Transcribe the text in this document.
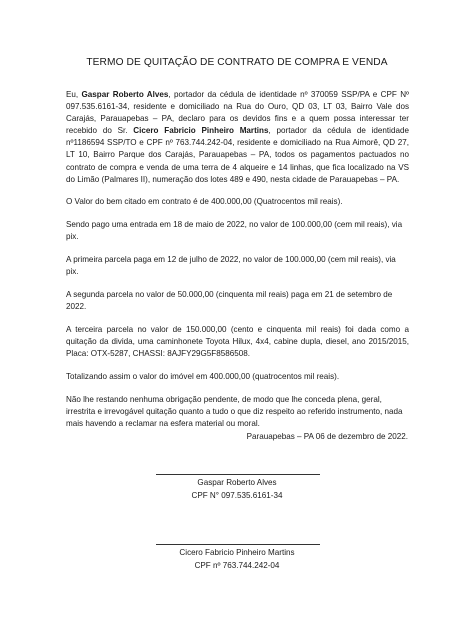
TERMO DE QUITAÇÃO DE CONTRATO DE COMPRA E VENDA

Eu, Gaspar Roberto Alves, portador da cédula de identidade nº 370059 SSP/PA e CPF Nº 097.535.6161-34, residente e domiciliado na Rua do Ouro, QD 03, LT 03, Bairro Vale dos Carajás, Parauapebas – PA, declaro para os devidos fins e a quem possa interessar ter recebido do Sr. Cicero Fabricio Pinheiro Martins, portador da cédula de identidade nº1186594 SSP/TO e CPF nº 763.744.242-04, residente e domiciliado na Rua Aimorê, QD 27, LT 10, Bairro Parque dos Carajás, Parauapebas – PA, todos os pagamentos pactuados no contrato de compra e venda de uma terra de 4 alqueire e 14 linhas, que fica localizado na VS do Limão (Palmares II), numeração dos lotes 489 e 490, nesta cidade de Parauapebas – PA.

O Valor do bem citado em contrato é de 400.000,00 (Quatrocentos mil reais).

Sendo pago uma entrada em 18 de maio de 2022, no valor de 100.000,00 (cem mil reais), via pix.

A primeira parcela paga em 12 de julho de 2022, no valor de 100.000,00 (cem mil reais), via pix.

A segunda parcela no valor de 50.000,00 (cinquenta mil reais) paga em 21 de setembro de 2022.

A terceira parcela no valor de 150.000,00 (cento e cinquenta mil reais) foi dada como a quitação da divida, uma caminhonete Toyota Hilux, 4x4, cabine dupla, diesel, ano 2015/2015, Placa: OTX-5287, CHASSI: 8AJFY29G5F8586508.

Totalizando assim o valor do imóvel em 400.000,00 (quatrocentos mil reais).

Não lhe restando nenhuma obrigação pendente, de modo que lhe conceda plena, geral, irrestrita e irrevogável quitação quanto a tudo o que diz respeito ao referido instrumento, nada mais havendo a reclamar na esfera material ou moral.

Parauapebas – PA 06 de dezembro de 2022.
Gaspar Roberto Alves
CPF N° 097.535.6161-34
Cicero Fabricio Pinheiro Martins
CPF nº 763.744.242-04
